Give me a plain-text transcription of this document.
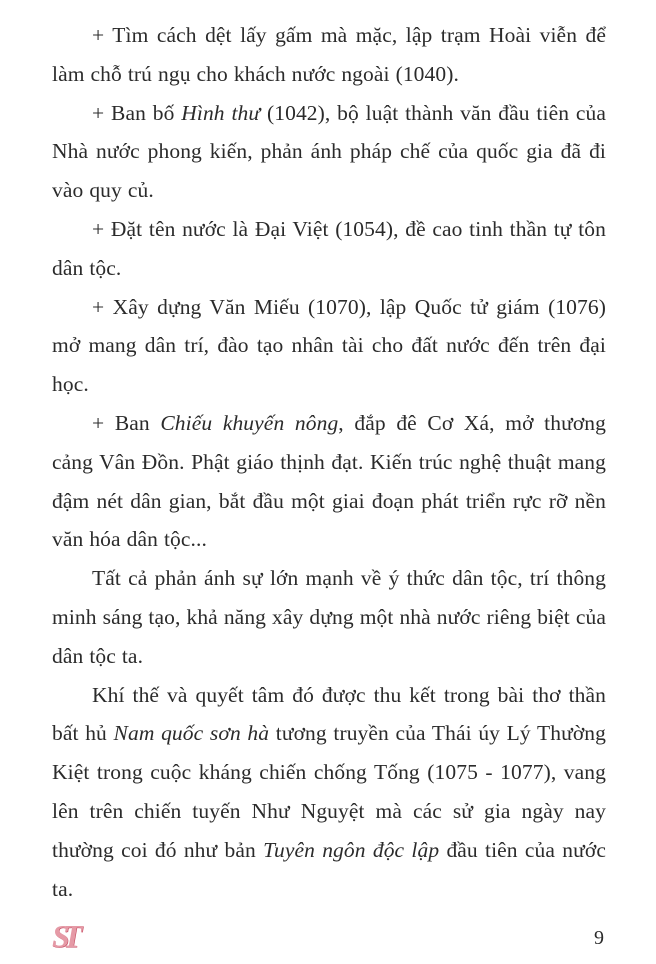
+ Tìm cách dệt lấy gấm mà mặc, lập trạm Hoài viễn để làm chỗ trú ngụ cho khách nước ngoài (1040).

+ Ban bố Hình thư (1042), bộ luật thành văn đầu tiên của Nhà nước phong kiến, phản ánh pháp chế của quốc gia đã đi vào quy củ.

+ Đặt tên nước là Đại Việt (1054), đề cao tinh thần tự tôn dân tộc.

+ Xây dựng Văn Miếu (1070), lập Quốc tử giám (1076) mở mang dân trí, đào tạo nhân tài cho đất nước đến trên đại học.

+ Ban Chiếu khuyến nông, đắp đê Cơ Xá, mở thương cảng Vân Đồn. Phật giáo thịnh đạt. Kiến trúc nghệ thuật mang đậm nét dân gian, bắt đầu một giai đoạn phát triển rực rỡ nền văn hóa dân tộc...

Tất cả phản ánh sự lớn mạnh về ý thức dân tộc, trí thông minh sáng tạo, khả năng xây dựng một nhà nước riêng biệt của dân tộc ta.

Khí thế và quyết tâm đó được thu kết trong bài thơ thần bất hủ Nam quốc sơn hà tương truyền của Thái úy Lý Thường Kiệt trong cuộc kháng chiến chống Tống (1075 - 1077), vang lên trên chiến tuyến Như Nguyệt mà các sử gia ngày nay thường coi đó như bản Tuyên ngôn độc lập đầu tiên của nước ta.

ST	9
